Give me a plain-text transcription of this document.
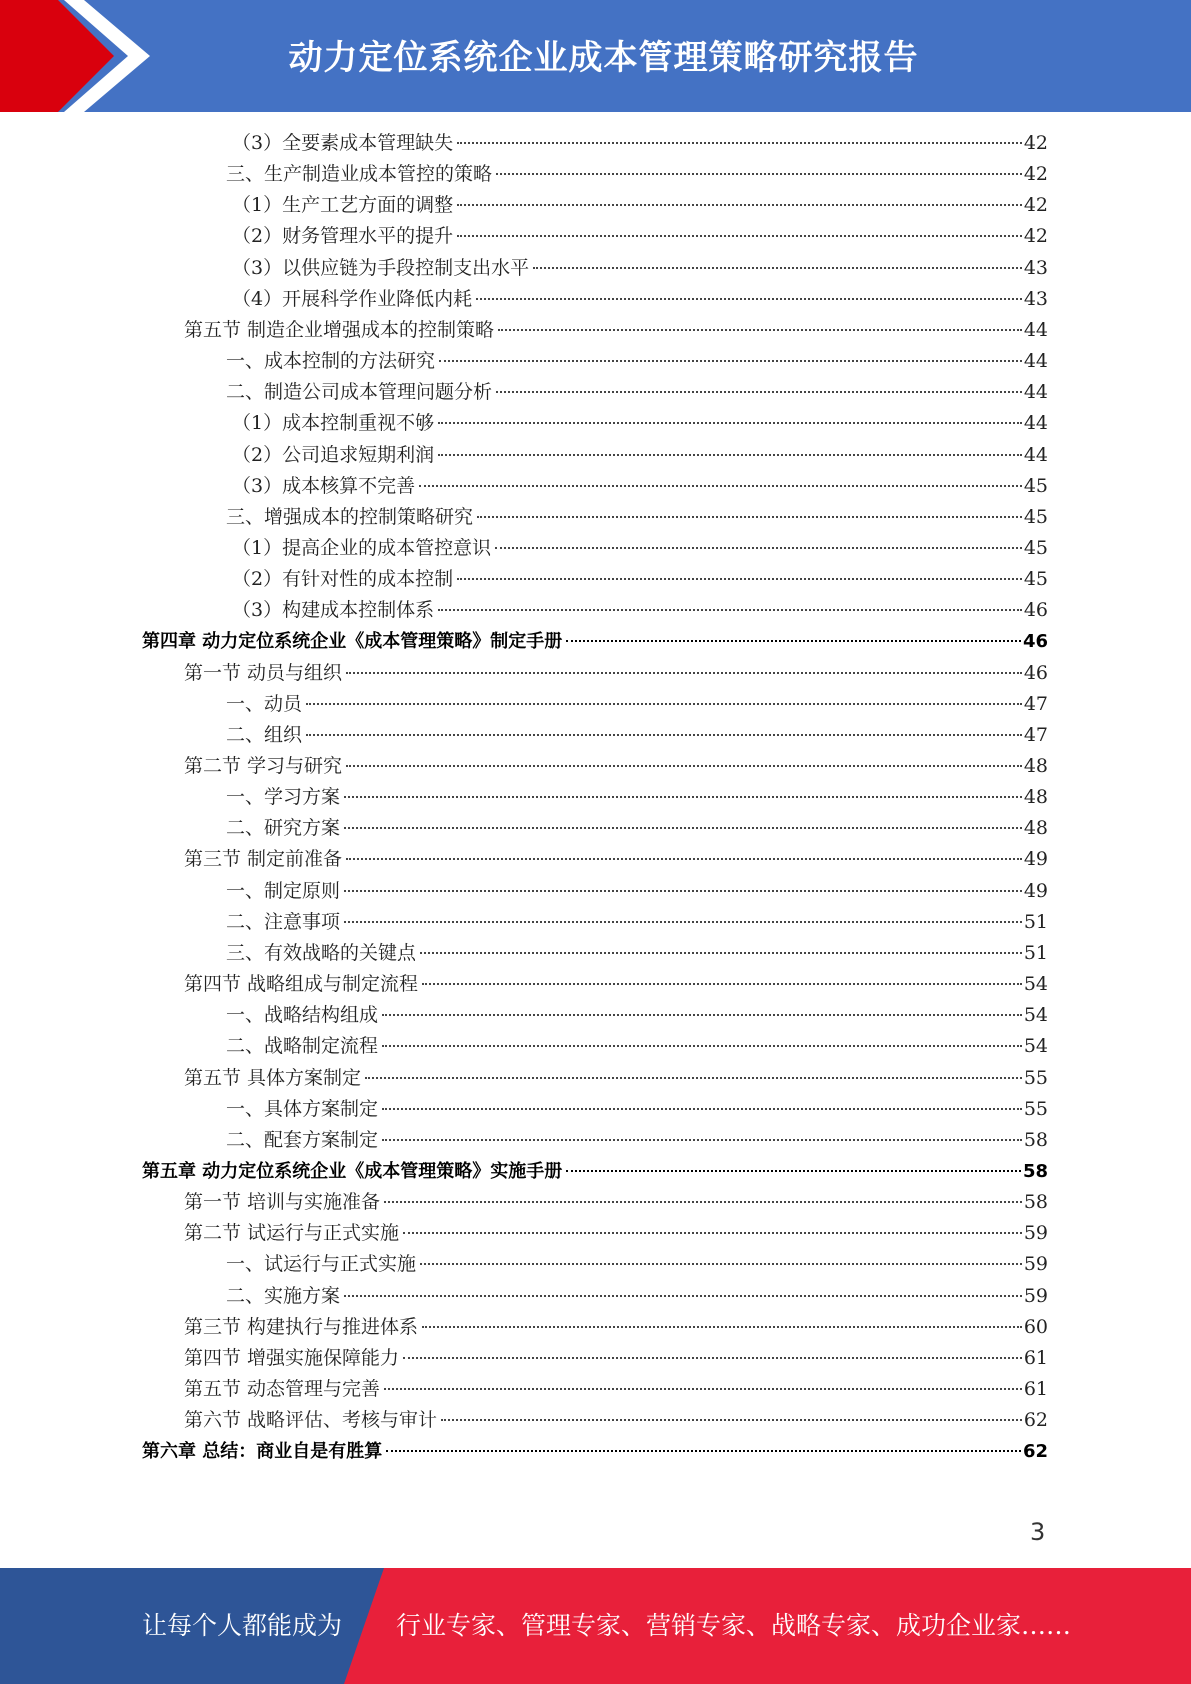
动力定位系统企业成本管理策略研究报告
（3）全要素成本管理缺失	42
三、生产制造业成本管控的策略	42
（1）生产工艺方面的调整	42
（2）财务管理水平的提升	42
（3）以供应链为手段控制支出水平	43
（4）开展科学作业降低内耗	43
第五节 制造企业增强成本的控制策略	44
一、成本控制的方法研究	44
二、制造公司成本管理问题分析	44
（1）成本控制重视不够	44
（2）公司追求短期利润	44
（3）成本核算不完善	45
三、增强成本的控制策略研究	45
（1）提高企业的成本管控意识	45
（2）有针对性的成本控制	45
（3）构建成本控制体系	46
第四章 动力定位系统企业《成本管理策略》制定手册	46
第一节 动员与组织	46
一、动员	47
二、组织	47
第二节 学习与研究	48
一、学习方案	48
二、研究方案	48
第三节 制定前准备	49
一、制定原则	49
二、注意事项	51
三、有效战略的关键点	51
第四节 战略组成与制定流程	54
一、战略结构组成	54
二、战略制定流程	54
第五节 具体方案制定	55
一、具体方案制定	55
二、配套方案制定	58
第五章 动力定位系统企业《成本管理策略》实施手册	58
第一节 培训与实施准备	58
第二节 试运行与正式实施	59
一、试运行与正式实施	59
二、实施方案	59
第三节 构建执行与推进体系	60
第四节 增强实施保障能力	61
第五节 动态管理与完善	61
第六节 战略评估、考核与审计	62
第六章 总结：商业自是有胜算	62
3
让每个人都能成为 行业专家、管理专家、营销专家、战略专家、成功企业家……
